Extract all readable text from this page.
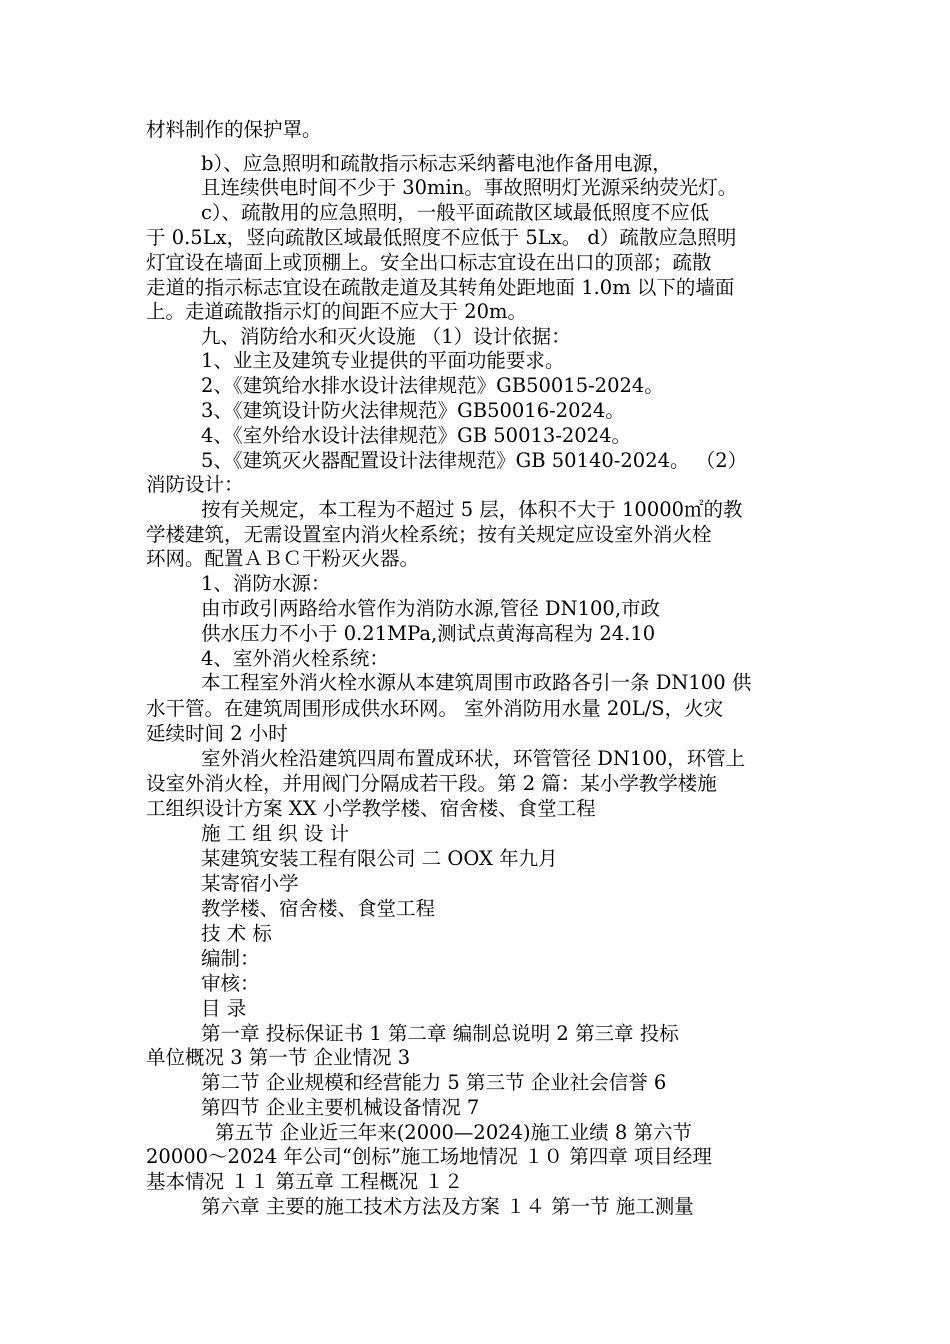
材料制作的保护罩。
b）、应急照明和疏散指示标志采纳蓄电池作备用电源，
且连续供电时间不少于 30min。事故照明灯光源采纳荧光灯。
c）、疏散用的应急照明，一般平面疏散区域最低照度不应低
于 0.5Lx，竖向疏散区域最低照度不应低于 5Lx。 d）疏散应急照明
灯宜设在墙面上或顶棚上。安全出口标志宜设在出口的顶部；疏散
走道的指示标志宜设在疏散走道及其转角处距地面 1.0m 以下的墙面
上。走道疏散指示灯的间距不应大于 20m。
九、消防给水和灭火设施 （1）设计依据：
1、业主及建筑专业提供的平面功能要求。
2、《建筑给水排水设计法律规范》GB50015-2024。
3、《建筑设计防火法律规范》GB50016-2024。
4、《室外给水设计法律规范》GB 50013-2024。
5、《建筑灭火器配置设计法律规范》GB 50140-2024。 （2）
消防设计：
按有关规定，本工程为不超过 5 层，体积不大于 10000㎡的教
学楼建筑，无需设置室内消火栓系统；按有关规定应设室外消火栓
环网。配置ＡＢＣ干粉灭火器。
1、消防水源：
由市政引两路给水管作为消防水源,管径 DN100,市政
供水压力不小于 0.21MPa,测试点黄海高程为 24.10
4、室外消火栓系统：
本工程室外消火栓水源从本建筑周围市政路各引一条 DN100 供
水干管。在建筑周围形成供水环网。 室外消防用水量 20L/S，火灾
延续时间 2 小时
室外消火栓沿建筑四周布置成环状，环管管径 DN100，环管上
设室外消火栓，并用阀门分隔成若干段。第 2 篇：某小学教学楼施
工组织设计方案 XX 小学教学楼、宿舍楼、食堂工程
施 工 组 织 设 计
某建筑安装工程有限公司 二 OOX 年九月
某寄宿小学
教学楼、宿舍楼、食堂工程
技 术 标
编制：
审核：
目 录
第一章 投标保证书 1 第二章 编制总说明 2 第三章 投标
单位概况 3 第一节 企业情况 3
第二节 企业规模和经营能力 5 第三节 企业社会信誉 6
第四节 企业主要机械设备情况 7
第五节 企业近三年来(2000—2024)施工业绩 8 第六节
20000～2024 年公司“创标”施工场地情况 １０ 第四章 项目经理
基本情况 １１ 第五章 工程概况 １２
第六章 主要的施工技术方法及方案 １４ 第一节 施工测量
